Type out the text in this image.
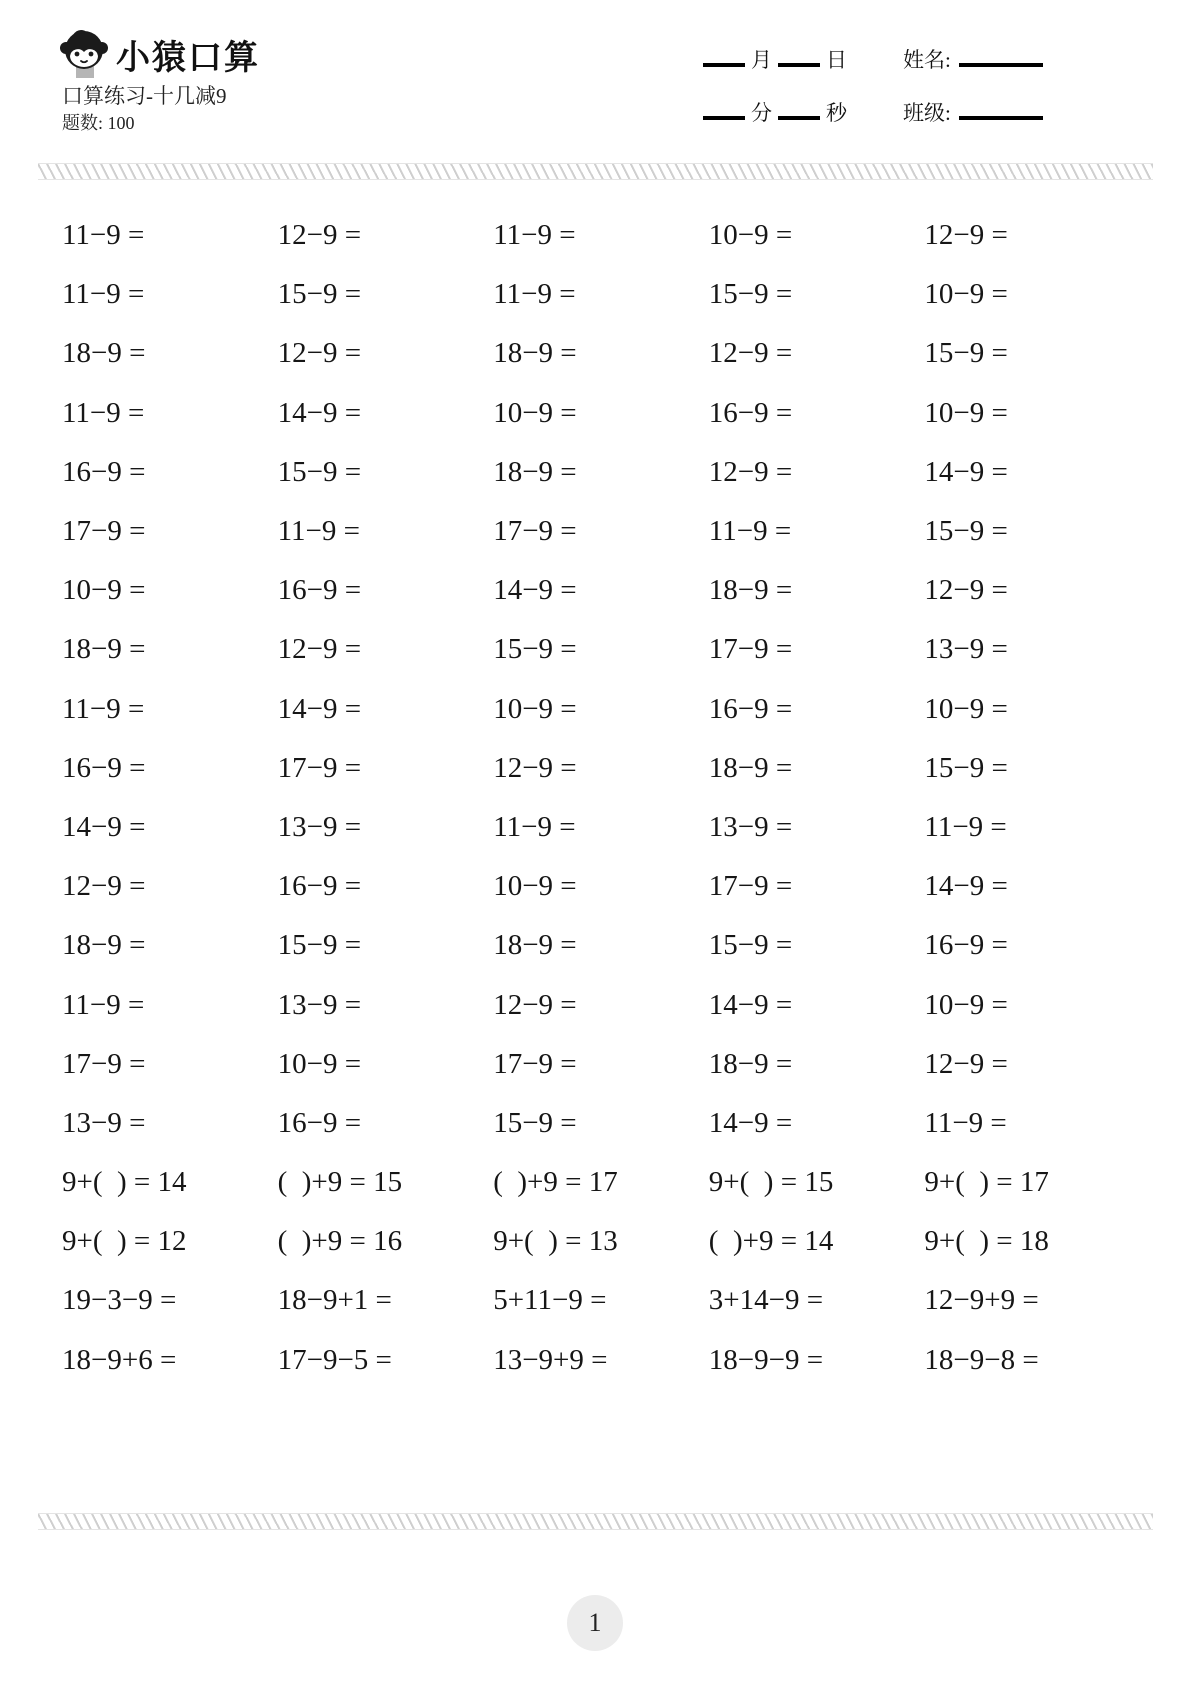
小猿口算
口算练习-十几减9
题数: 100
月	日	姓名:
分	秒	班级:
11−9 =	12−9 =	11−9 =	10−9 =	12−9 =
11−9 =	15−9 =	11−9 =	15−9 =	10−9 =
18−9 =	12−9 =	18−9 =	12−9 =	15−9 =
11−9 =	14−9 =	10−9 =	16−9 =	10−9 =
16−9 =	15−9 =	18−9 =	12−9 =	14−9 =
17−9 =	11−9 =	17−9 =	11−9 =	15−9 =
10−9 =	16−9 =	14−9 =	18−9 =	12−9 =
18−9 =	12−9 =	15−9 =	17−9 =	13−9 =
11−9 =	14−9 =	10−9 =	16−9 =	10−9 =
16−9 =	17−9 =	12−9 =	18−9 =	15−9 =
14−9 =	13−9 =	11−9 =	13−9 =	11−9 =
12−9 =	16−9 =	10−9 =	17−9 =	14−9 =
18−9 =	15−9 =	18−9 =	15−9 =	16−9 =
11−9 =	13−9 =	12−9 =	14−9 =	10−9 =
17−9 =	10−9 =	17−9 =	18−9 =	12−9 =
13−9 =	16−9 =	15−9 =	14−9 =	11−9 =
9+(  ) = 14	(  )+9 = 15	(  )+9 = 17	9+(  ) = 15	9+(  ) = 17
9+(  ) = 12	(  )+9 = 16	9+(  ) = 13	(  )+9 = 14	9+(  ) = 18
19−3−9 =	18−9+1 =	5+11−9 =	3+14−9 =	12−9+9 =
18−9+6 =	17−9−5 =	13−9+9 =	18−9−9 =	18−9−8 =
1
